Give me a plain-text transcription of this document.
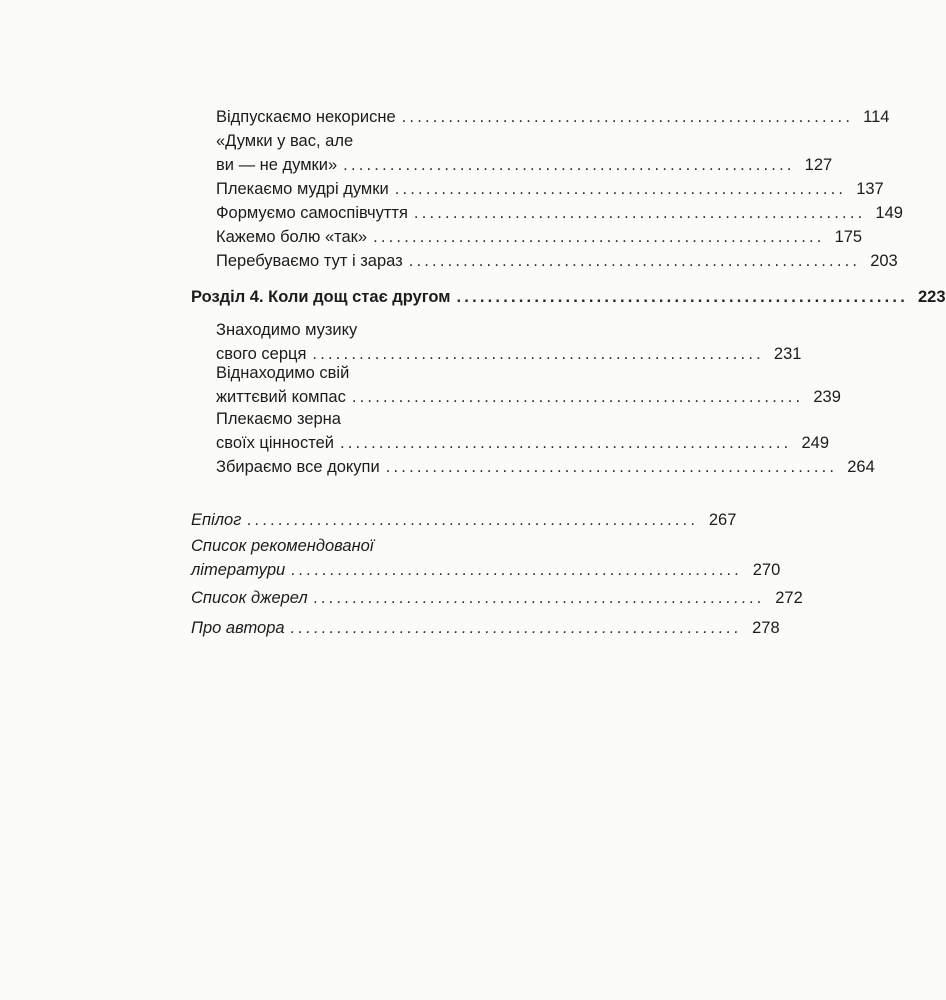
Відпускаємо некорисне .......................................................... 114
«Думки у вас, але
ви — не думки» .......................................................... 127
Плекаємо мудрі думки .......................................................... 137
Формуємо самоспівчуття .......................................................... 149
Кажемо болю «так» .......................................................... 175
Перебуваємо тут і зараз .......................................................... 203
Розділ 4. Коли дощ стає другом .......................................................... 223
Знаходимо музику
свого серця .......................................................... 231
Віднаходимо свій
життєвий компас .......................................................... 239
Плекаємо зерна
своїх цінностей .......................................................... 249
Збираємо все докупи .......................................................... 264
Епілог .......................................................... 267
Список рекомендованої
літератури .......................................................... 270
Список джерел .......................................................... 272
Про автора .......................................................... 278
